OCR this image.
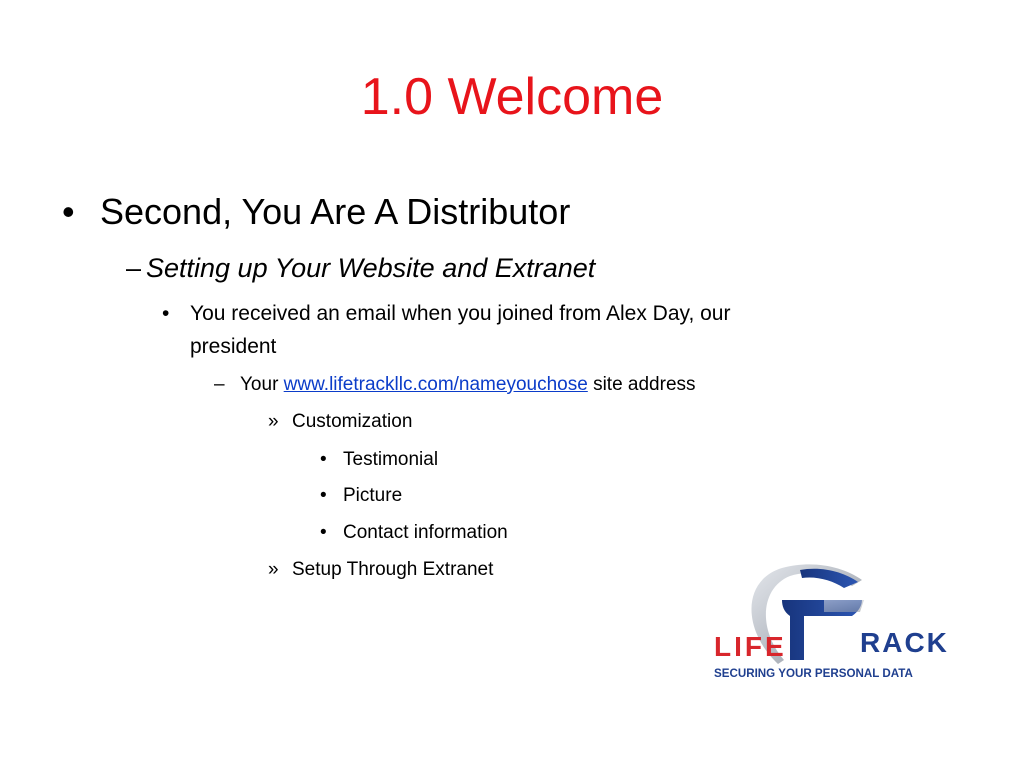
1.0 Welcome
• Second, You Are A Distributor
– Setting up Your Website and Extranet
• You received an email when you joined from Alex Day, our
president
– Your www.lifetrackllc.com/nameyouchose site address
» Customization
• Testimonial
• Picture
• Contact information
» Setup Through Extranet
LIFE	RACK
SECURING YOUR PERSONAL DATA
